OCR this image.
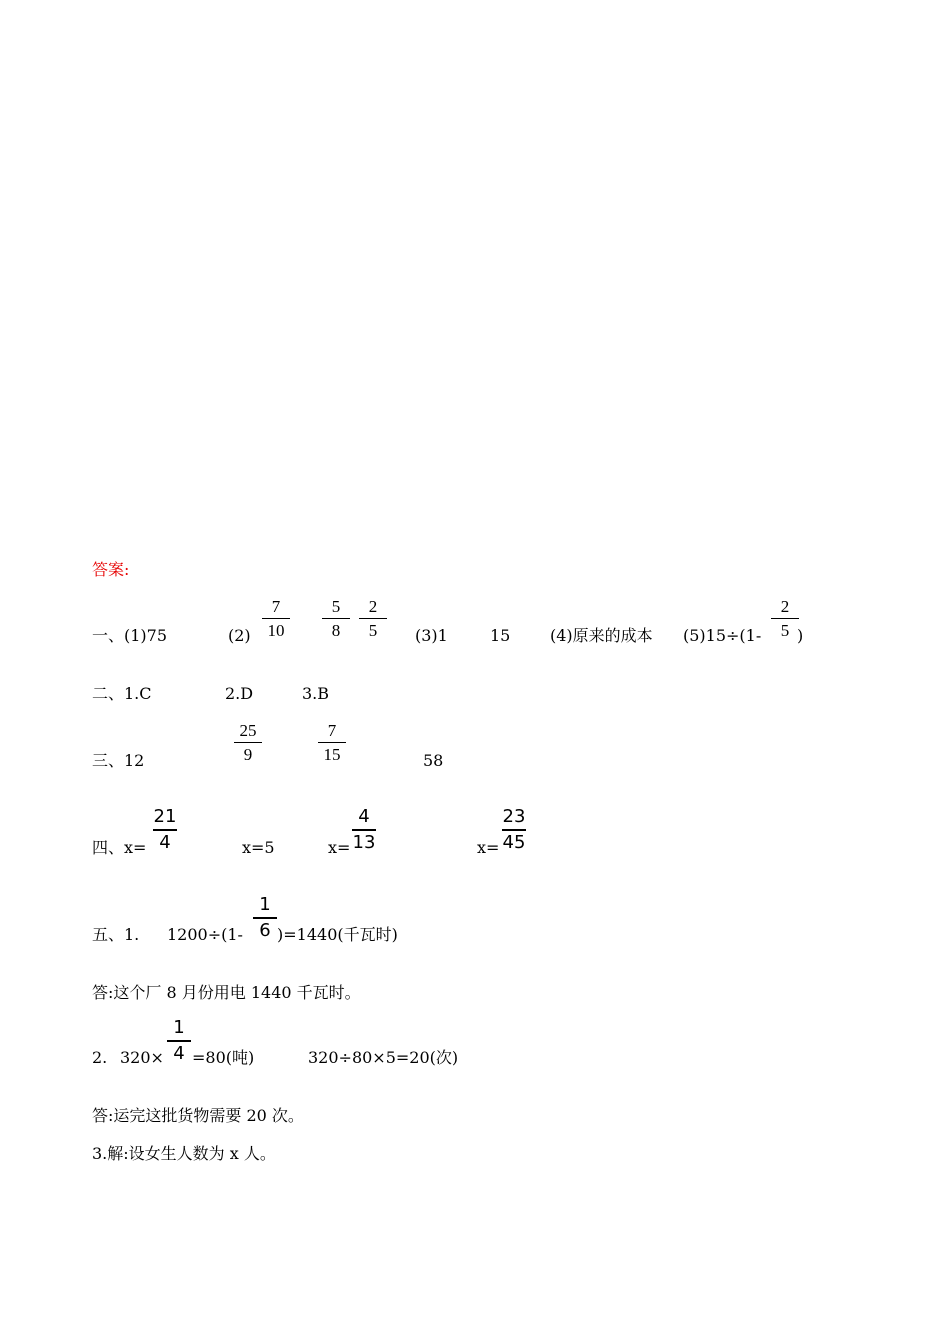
答案:
一、(1)75	(2)
7
10
5
8
2
5	(3)1	15 (4)原来的成本 (5)15÷(1-
2
5 )
二、1.C	2.D	3.B
三、12
25
9
7
15	58
四、x=
21
4	x=5	x=
4
13	x=
23
45
五、1. 1200÷(1-
1
6 )=1440(千瓦时)
答:这个厂 8 月份用电 1440 千瓦时。
2. 320×
1
4 =80(吨)	320÷80×5=20(次)
答:运完这批货物需要 20 次。
3.解:设女生人数为 x 人。
